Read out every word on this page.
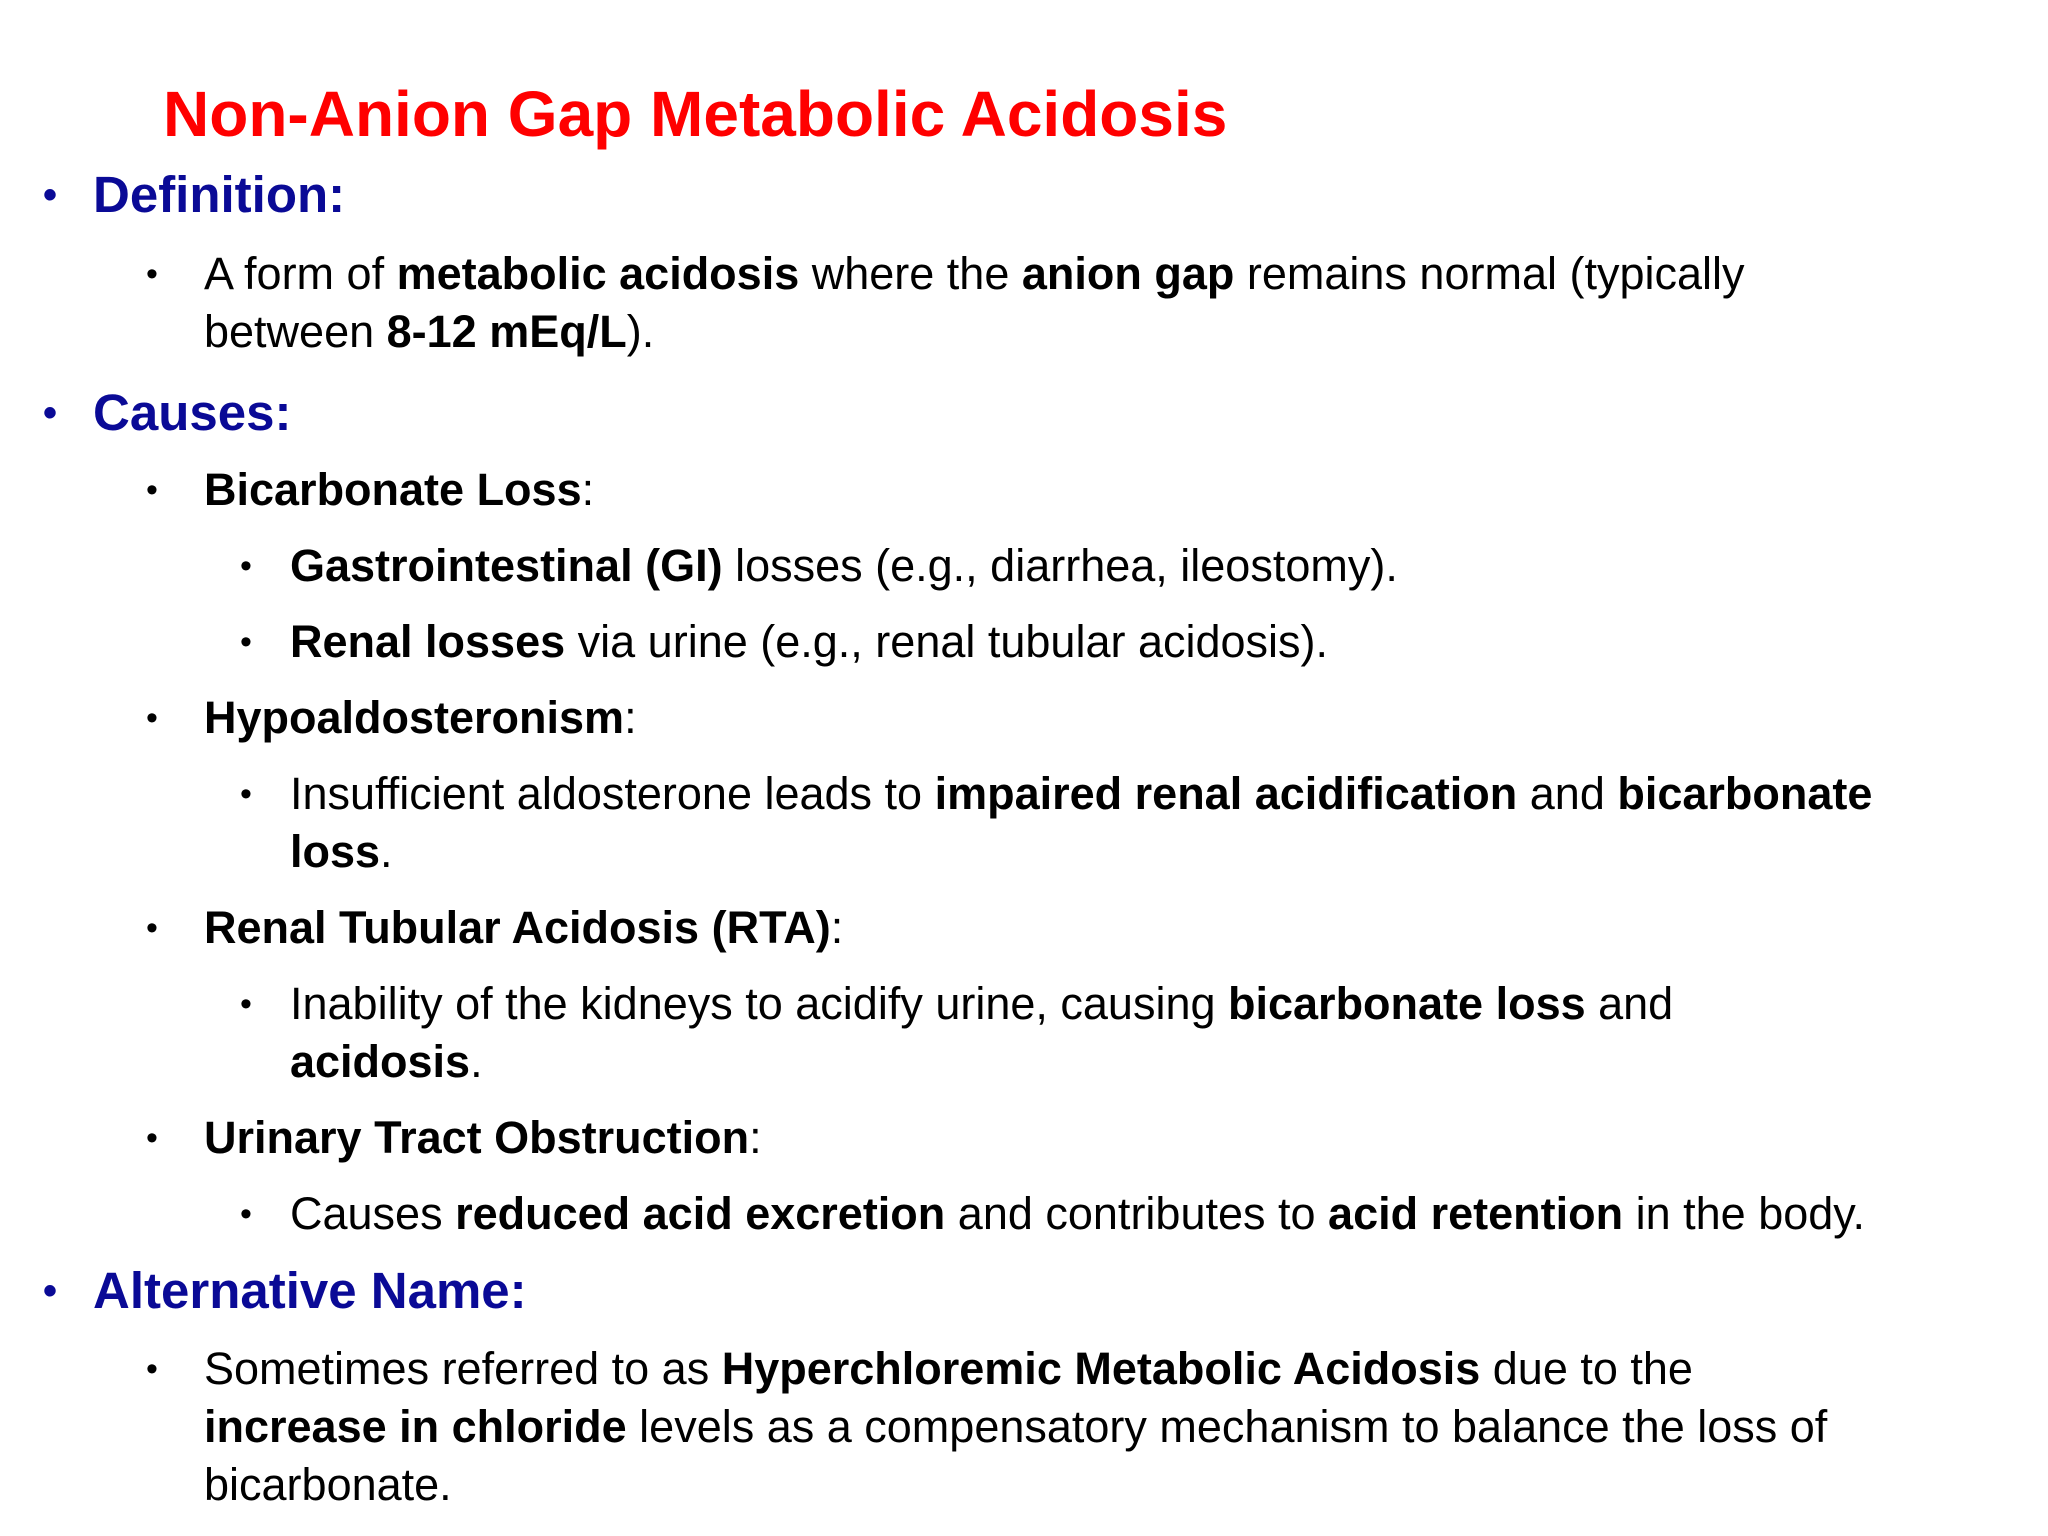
Non-Anion Gap Metabolic Acidosis
• Definition:
•	A form of metabolic acidosis where the anion gap remains normal (typically
between 8-12 mEq/L).
• Causes:
•	Bicarbonate Loss:
• Gastrointestinal (GI) losses (e.g., diarrhea, ileostomy).
• Renal losses via urine (e.g., renal tubular acidosis).
•	Hypoaldosteronism:
• Insufficient aldosterone leads to impaired renal acidification and bicarbonate
loss.
•	Renal Tubular Acidosis (RTA):
• Inability of the kidneys to acidify urine, causing bicarbonate loss and
acidosis.
•	Urinary Tract Obstruction:
• Causes reduced acid excretion and contributes to acid retention in the body.
• Alternative Name:
•	Sometimes referred to as Hyperchloremic Metabolic Acidosis due to the
increase in chloride levels as a compensatory mechanism to balance the loss of
bicarbonate.
